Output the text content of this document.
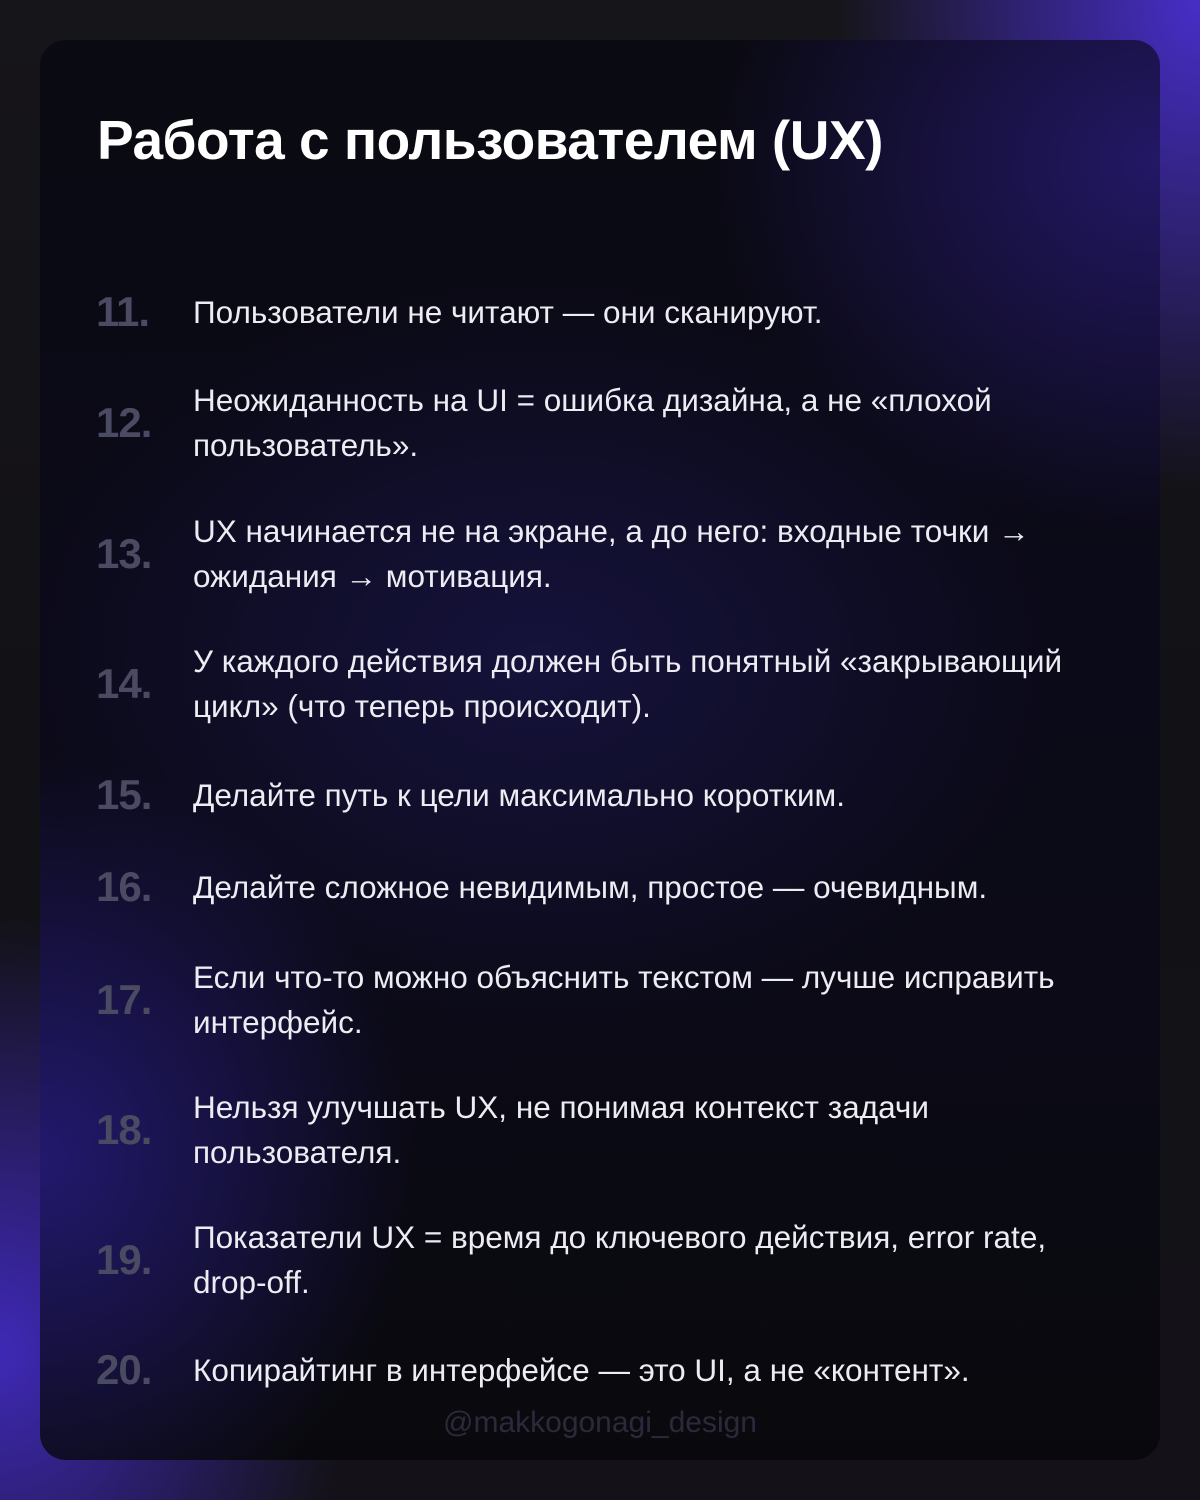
Работа с пользователем (UX)
11. Пользователи не читают — они сканируют.
12. Неожиданность на UI = ошибка дизайна, а не «плохой пользователь».
13. UX начинается не на экране, а до него: входные точки → ожидания → мотивация.
14. У каждого действия должен быть понятный «закрывающий цикл» (что теперь происходит).
15. Делайте путь к цели максимально коротким.
16. Делайте сложное невидимым, простое — очевидным.
17. Если что-то можно объяснить текстом — лучше исправить интерфейс.
18. Нельзя улучшать UX, не понимая контекст задачи пользователя.
19. Показатели UX = время до ключевого действия, error rate, drop-off.
20. Копирайтинг в интерфейсе — это UI, а не «контент».
@makkogonagi_design
